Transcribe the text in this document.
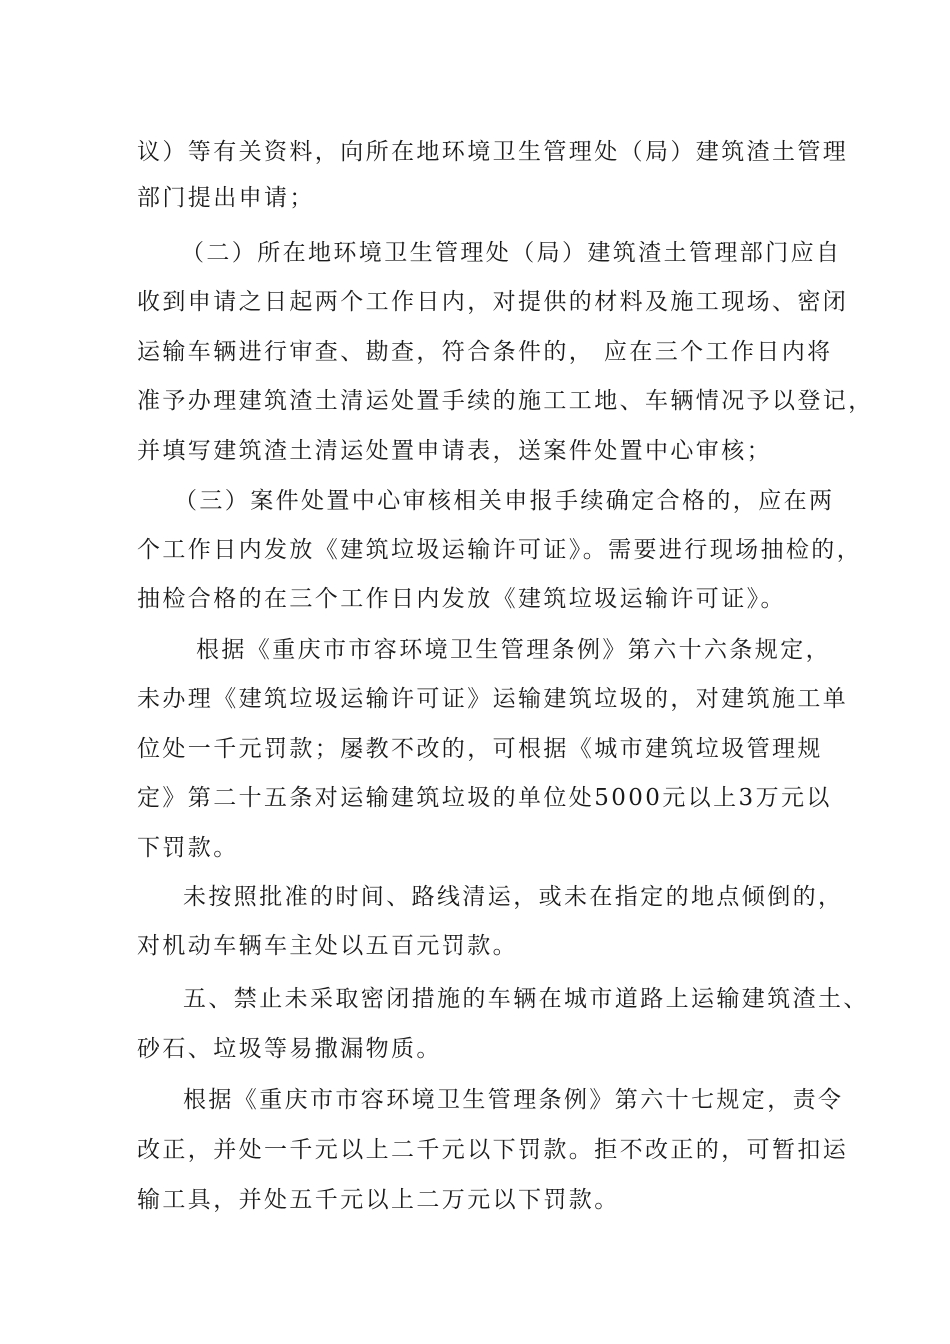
议）等有关资料，向所在地环境卫生管理处（局）建筑渣土管理
部门提出申请；
（二）所在地环境卫生管理处（局）建筑渣土管理部门应自
收到申请之日起两个工作日内，对提供的材料及施工现场、密闭
运输车辆进行审查、勘查，符合条件的， 应在三个工作日内将
准予办理建筑渣土清运处置手续的施工工地、车辆情况予以登记，
并填写建筑渣土清运处置申请表，送案件处置中心审核；
（三）案件处置中心审核相关申报手续确定合格的，应在两
个工作日内发放《建筑垃圾运输许可证》。需要进行现场抽检的，
抽检合格的在三个工作日内发放《建筑垃圾运输许可证》。
根据《重庆市市容环境卫生管理条例》第六十六条规定，
未办理《建筑垃圾运输许可证》运输建筑垃圾的，对建筑施工单
位处一千元罚款；屡教不改的，可根据《城市建筑垃圾管理规
定》第二十五条对运输建筑垃圾的单位处5000元以上3万元以
下罚款。
未按照批准的时间、路线清运，或未在指定的地点倾倒的，
对机动车辆车主处以五百元罚款。
五、禁止未采取密闭措施的车辆在城市道路上运输建筑渣土、
砂石、垃圾等易撒漏物质。
根据《重庆市市容环境卫生管理条例》第六十七规定，责令
改正，并处一千元以上二千元以下罚款。拒不改正的，可暂扣运
输工具，并处五千元以上二万元以下罚款。
